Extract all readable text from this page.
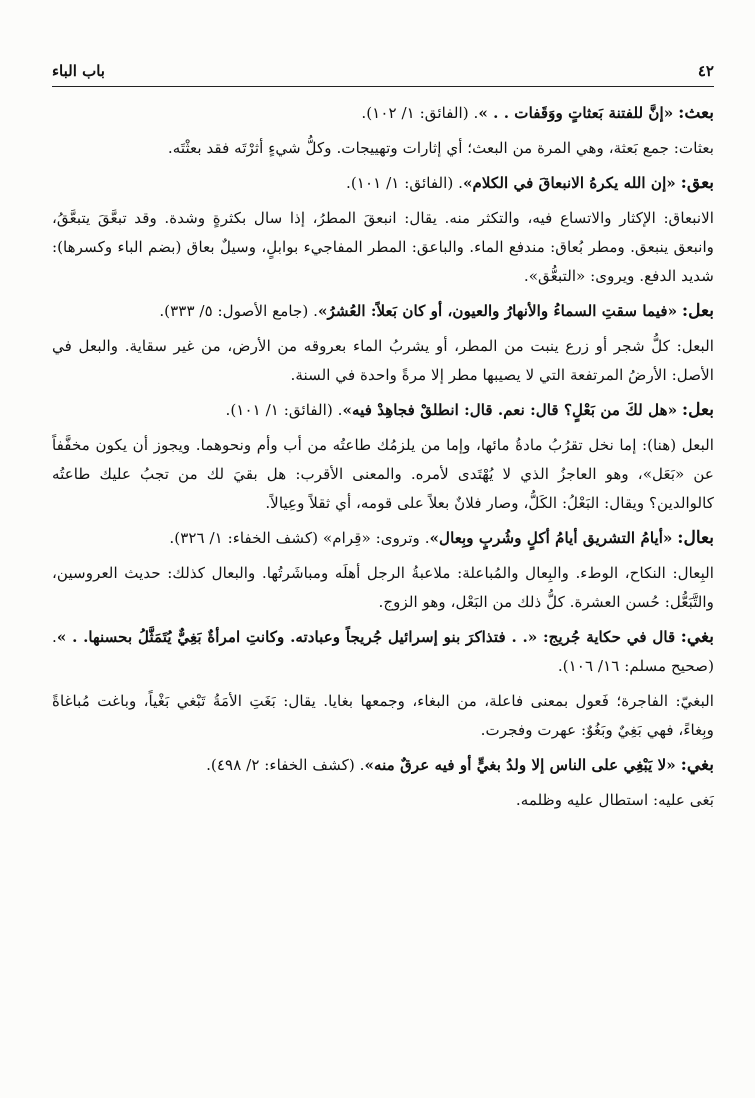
٤٢
باب الباء

بعث: «إنَّ للفتنة بَعثاتٍ ووَقَفات . . ». (الفائق: ١/ ١٠٢).

بعثات: جمع بَعثة، وهي المرة من البعث؛ أي إثارات وتهييجات. وكلُّ شيءٍ أثرْتَه فقد بعثْتَه.

بعق: «إن الله يكرهُ الانبعاقَ في الكلام». (الفائق: ١/ ١٠١).

الانبعاق: الإكثار والاتساع فيه، والتكثر منه. يقال: انبعقَ المطرُ، إذا سال بكثرةٍ وشدة. وقد تبعَّقَ يتبعَّقُ، وانبعق ينبعق. ومطر بُعاق: مندفع الماء. والباعق: المطر المفاجيء بوابلٍ، وسيلٌ بعاق (بضم الباء وكسرها): شديد الدفع. ويروى: «التبعُّق».

بعل: «فيما سقتِ السماءُ والأنهارُ والعيون، أو كان بَعلاً: العُشرُ». (جامع الأصول: ٥/ ٣٣٣).

البعل: كلُّ شجر أو زرع ينبت من المطر، أو يشربُ الماء بعروقه من الأرض، من غير سقاية. والبعل في الأصل: الأرضُ المرتفعة التي لا يصيبها مطر إلا مرةً واحدة في السنة.

بعل: «هل لكَ من بَعْلٍ؟ قال: نعم. قال: انطلقْ فجاهِدْ فيه». (الفائق: ١/ ١٠١).

البعل (هنا): إما نخل تقرُبُ مادةُ مائها، وإما من يلزمُك طاعتُه من أب وأم ونحوهما. ويجوز أن يكون مخفَّفاً عن «بَعَل»، وهو العاجزُ الذي لا يُهْتَدى لأمره. والمعنى الأقرب: هل بقيَ لك من تجبُ عليك طاعتُه كالوالدين؟ ويقال: البَعْلُ: الكَلُّ، وصار فلانٌ بعلاً على قومه، أي ثقلاً وعِيالاً.

بعال: «أيامُ التشريق أيامُ أكلٍ وشُربٍ وبِعال». وتروى: «قِرام» (كشف الخفاء: ١/ ٣٢٦).

البِعال: النكاح، الوطء. والبِعال والمُباعلة: ملاعبةُ الرجل أهلَه ومباشَرتُها. والبعال كذلك: حديث العروسين، والتَّبَعُّل: حُسن العشرة. كلُّ ذلك من البَعْل، وهو الزوج.

بغي: قال في حكاية جُريج: «. . فتذاكرَ بنو إسرائيل جُريجاً وعبادته. وكانتِ امرأةٌ بَغِيٌّ يُتَمَثَّلُ بحسنها. . ». (صحيح مسلم: ١٦/ ١٠٦).

البغيّ: الفاجرة؛ فَعول بمعنى فاعلة، من البغاء، وجمعها بغايا. يقال: بَغَتِ الأمَةُ تَبْغي بَغْياً، وباغت مُباغاةً وبِغاءً، فهي بَغِيٌ وبَغُوٌ: عهرت وفجرت.

بغي: «لا يَبْغِي على الناس إلا ولدُ بغيٍّ أو فيه عرقٌ منه». (كشف الخفاء: ٢/ ٤٩٨).

بَغى عليه: استطال عليه وظلمه.
